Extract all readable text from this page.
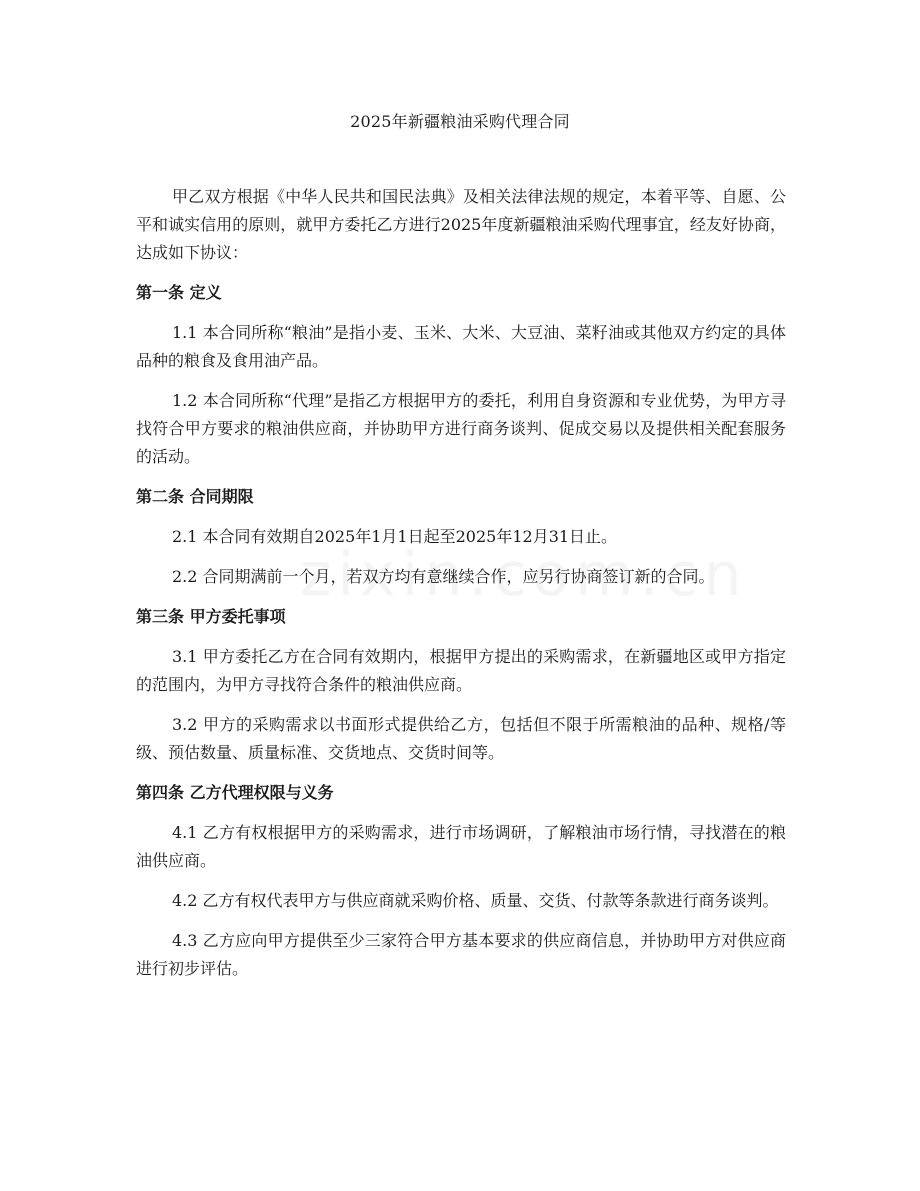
2025年新疆粮油采购代理合同

甲乙双方根据《中华人民共和国民法典》及相关法律法规的规定，本着平等、自愿、公平和诚实信用的原则，就甲方委托乙方进行2025年度新疆粮油采购代理事宜，经友好协商，达成如下协议：

第一条 定义

1.1 本合同所称“粮油”是指小麦、玉米、大米、大豆油、菜籽油或其他双方约定的具体品种的粮食及食用油产品。

1.2 本合同所称“代理”是指乙方根据甲方的委托，利用自身资源和专业优势，为甲方寻找符合甲方要求的粮油供应商，并协助甲方进行商务谈判、促成交易以及提供相关配套服务的活动。

第二条 合同期限

2.1 本合同有效期自2025年1月1日起至2025年12月31日止。

2.2 合同期满前一个月，若双方均有意继续合作，应另行协商签订新的合同。

第三条 甲方委托事项

3.1 甲方委托乙方在合同有效期内，根据甲方提出的采购需求，在新疆地区或甲方指定的范围内，为甲方寻找符合条件的粮油供应商。

3.2 甲方的采购需求以书面形式提供给乙方，包括但不限于所需粮油的品种、规格/等级、预估数量、质量标准、交货地点、交货时间等。

第四条 乙方代理权限与义务

4.1 乙方有权根据甲方的采购需求，进行市场调研，了解粮油市场行情，寻找潜在的粮油供应商。

4.2 乙方有权代表甲方与供应商就采购价格、质量、交货、付款等条款进行商务谈判。

4.3 乙方应向甲方提供至少三家符合甲方基本要求的供应商信息，并协助甲方对供应商进行初步评估。
